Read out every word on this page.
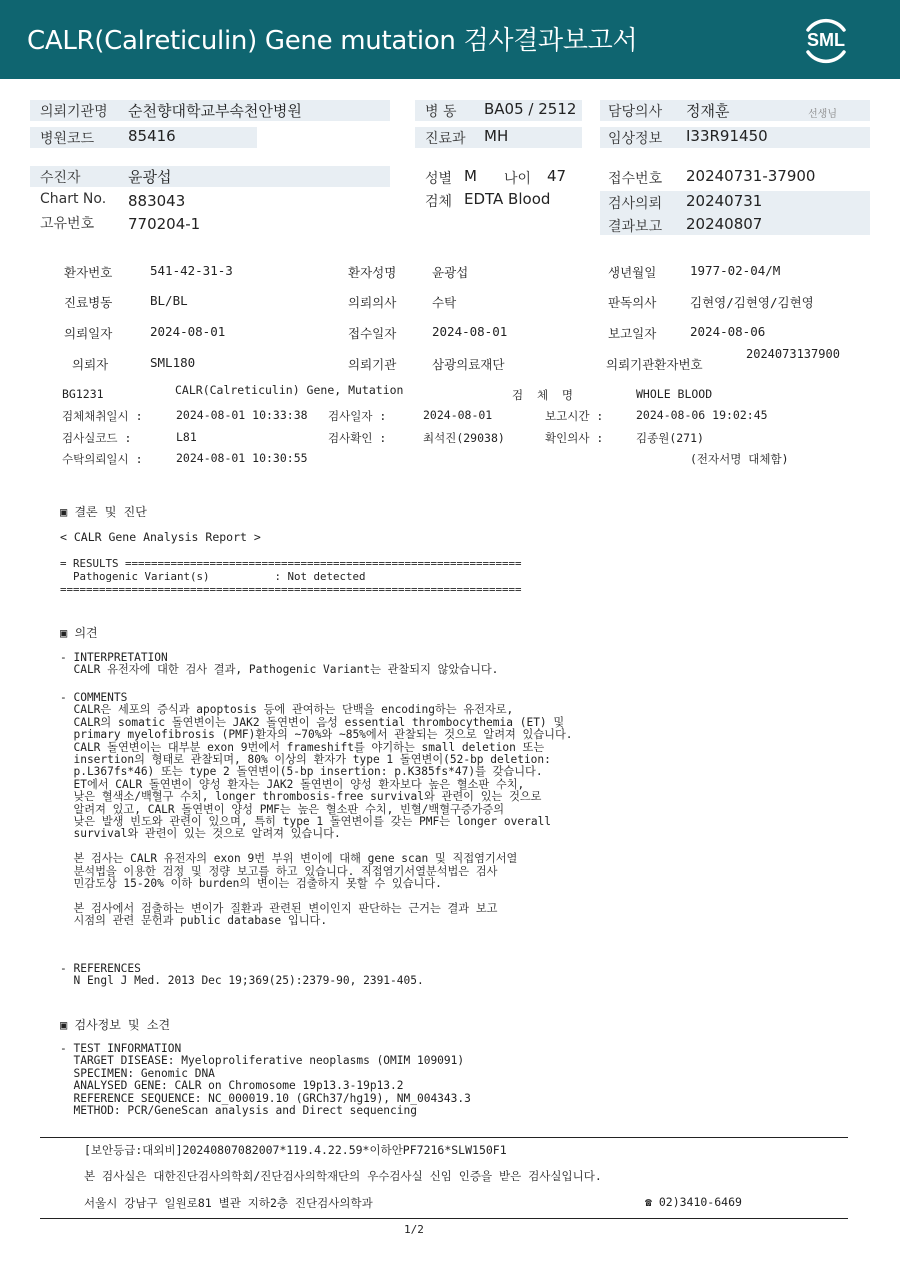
CALR(Calreticulin) Gene mutation 검사결과보고서	SML
의뢰기관명 순천향대학교부속천안병원
병원코드 85416
병 동 BA05 / 2512
진료과 MH
담당의사 정재훈	선생님
임상정보 I33R91450
수진자	윤광섭
Chart No. 883043
고유번호 770204-1
성별 M 나이 47
검체 EDTA Blood
접수번호 20240731-37900
검사의뢰 20240731
결과보고 20240807
환자번호	541-42-31-3	환자성명	윤광섭	생년월일	1977-02-04/M
진료병동	BL/BL	의뢰의사	수탁	판독의사	김현영/김현영/김현영
의뢰일자	2024-08-01	접수일자	2024-08-01	보고일자	2024-08-06
의뢰자	SML180	의뢰기관	삼광의료재단	의뢰기관환자번호
2024073137900
BG1231	CALR(Calreticulin) Gene, Mutation	검  체  명	WHOLE BLOOD
검체채취일시 :	2024-08-01 10:33:38 검사일자 :	2024-08-01	보고시간 :	2024-08-06 19:02:45
검사실코드 :	L81	검사확인 :	최석진(29038)	확인의사 :	김종원(271)
수탁의뢰일시 :	2024-08-01 10:30:55	(전자서명 대체함)
▣ 결론 및 진단
< CALR Gene Analysis Report >
= RESULTS =============================================================
Pathogenic Variant(s)          : Not detected
=======================================================================
▣ 의견
- INTERPRETATION
CALR 유전자에 대한 검사 결과, Pathogenic Variant는 관찰되지 않았습니다.
- COMMENTS
CALR은 세포의 증식과 apoptosis 등에 관여하는 단백을 encoding하는 유전자로,
CALR의 somatic 돌연변이는 JAK2 돌연변이 음성 essential thrombocythemia (ET) 및
primary myelofibrosis (PMF)환자의 ~70%와 ~85%에서 관찰되는 것으로 알려져 있습니다.
CALR 돌연변이는 대부분 exon 9번에서 frameshift를 야기하는 small deletion 또는
insertion의 형태로 관찰되며, 80% 이상의 환자가 type 1 돌연변이(52-bp deletion:
p.L367fs*46) 또는 type 2 돌연변이(5-bp insertion: p.K385fs*47)를 갖습니다.
ET에서 CALR 돌연변이 양성 환자는 JAK2 돌연변이 양성 환자보다 높은 혈소판 수치,
낮은 혈색소/백혈구 수치, longer thrombosis-free survival와 관련이 있는 것으로
알려져 있고, CALR 돌연변이 양성 PMF는 높은 혈소판 수치, 빈혈/백혈구증가증의
낮은 발생 빈도와 관련이 있으며, 특히 type 1 돌연변이를 갖는 PMF는 longer overall
survival와 관련이 있는 것으로 알려져 있습니다.

본 검사는 CALR 유전자의 exon 9번 부위 변이에 대해 gene scan 및 직접염기서열
분석법을 이용한 검정 및 정량 보고를 하고 있습니다. 직접염기서열분석법은 검사
민감도상 15-20% 이하 burden의 변이는 검출하지 못할 수 있습니다.

본 검사에서 검출하는 변이가 질환과 관련된 변이인지 판단하는 근거는 결과 보고
시점의 관련 문헌과 public database 입니다.
- REFERENCES
N Engl J Med. 2013 Dec 19;369(25):2379-90, 2391-405.
▣ 검사정보 및 소견
- TEST INFORMATION
TARGET DISEASE: Myeloproliferative neoplasms (OMIM 109091)
SPECIMEN: Genomic DNA
ANALYSED GENE: CALR on Chromosome 19p13.3-19p13.2
REFERENCE SEQUENCE: NC_000019.10 (GRCh37/hg19), NM_004343.3
METHOD: PCR/GeneScan analysis and Direct sequencing
[보안등급:대외비]20240807082007*119.4.22.59*이하안PF7216*SLW150F1
본 검사실은 대한진단검사의학회/진단검사의학재단의 우수검사실 신임 인증을 받은 검사실입니다.
서울시 강남구 일원로81 별관 지하2층 진단검사의학과	☎ 02)3410-6469
1/2
